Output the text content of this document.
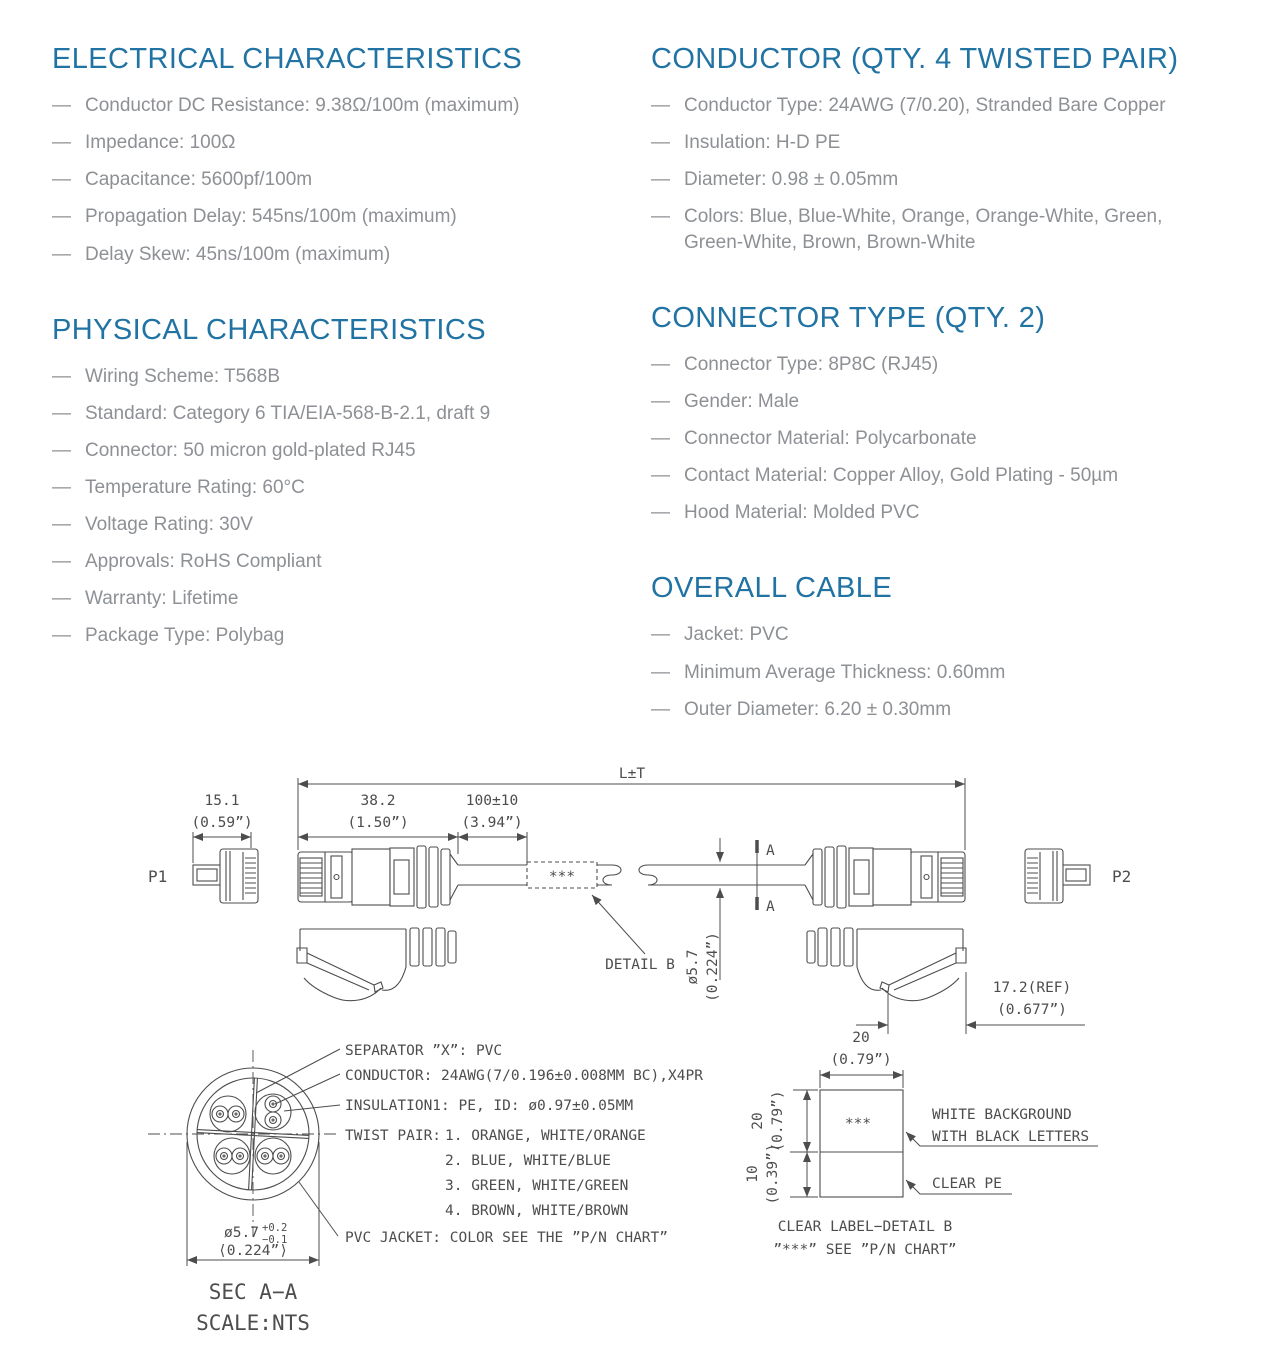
ELECTRICAL CHARACTERISTICS
— Conductor DC Resistance: 9.38Ω/100m (maximum)
— Impedance: 100Ω
— Capacitance: 5600pf/100m
— Propagation Delay: 545ns/100m (maximum)
— Delay Skew: 45ns/100m (maximum)
PHYSICAL CHARACTERISTICS
— Wiring Scheme: T568B
— Standard: Category 6 TIA/EIA-568-B-2.1, draft 9
— Connector: 50 micron gold-plated RJ45
— Temperature Rating: 60°C
— Voltage Rating: 30V
— Approvals: RoHS Compliant
— Warranty: Lifetime
— Package Type: Polybag
CONDUCTOR (QTY. 4 TWISTED PAIR)
— Conductor Type: 24AWG (7/0.20), Stranded Bare Copper
— Insulation: H-D PE
— Diameter: 0.98 ± 0.05mm
— Colors: Blue, Blue-White, Orange, Orange-White, Green, Green-White, Brown, Brown-White
CONNECTOR TYPE (QTY. 2)
— Connector Type: 8P8C (RJ45)
— Gender: Male
— Connector Material: Polycarbonate
— Contact Material: Copper Alloy, Gold Plating - 50µm
— Hood Material: Molded PVC
OVERALL CABLE
— Jacket: PVC
— Minimum Average Thickness: 0.60mm
— Outer Diameter: 6.20 ± 0.30mm
P1	P2
***
DETAIL B
A
A
ø5.7 (0.224”)
L±T
15.1
(0.59”)
38.2
(1.50”)
100±10
(3.94”)
17.2(REF)
(0.677”)
***
20
(0.79”)
20 (0.79”)
10 (0.39”)
WHITE BACKGROUND
WITH BLACK LETTERS
CLEAR PE
CLEAR LABEL−DETAIL B
”***” SEE ”P/N CHART”
SEPARATOR ”X”: PVC
CONDUCTOR: 24AWG(7/0.196±0.008MM BC),X4PR
INSULATION1: PE, ID: ø0.97±0.05MM
TWIST PAIR: 1. ORANGE, WHITE/ORANGE
2. BLUE, WHITE/BLUE
3. GREEN, WHITE/GREEN
4. BROWN, WHITE/BROWN
PVC JACKET: COLOR SEE THE ”P/N CHART”
ø5.7 +0.2
−0.1
⟨0.224”⟩
SEC A−A
SCALE:NTS
